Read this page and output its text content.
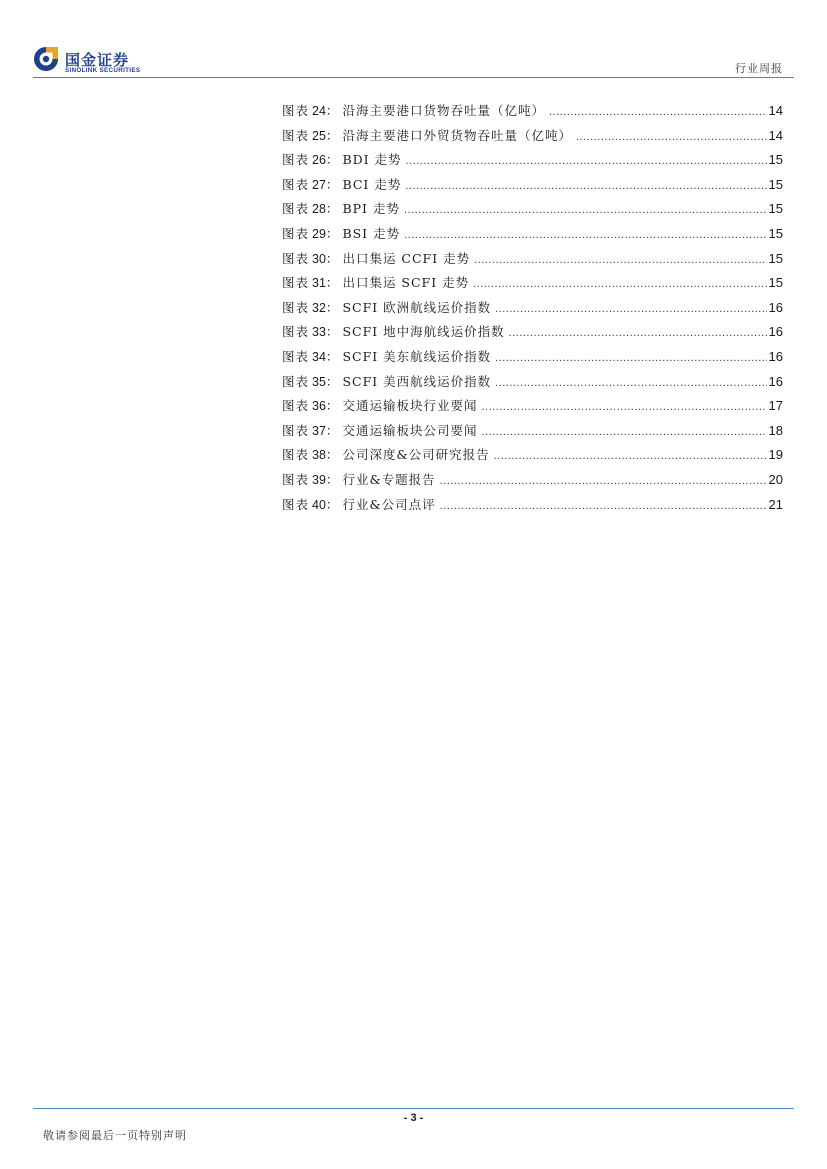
国金证券
SINOLINK SECURITIES	行业周报
图表 24 ： 沿海主要港口货物吞吐量（亿吨） .....	14
图表 25 ： 沿海主要港口外贸货物吞吐量（亿吨） .....	14
图表 26 ： BDI 走势 .....	15
图表 27 ： BCI 走势 .....	15
图表 28 ： BPI 走势 .....	15
图表 29 ： BSI 走势 .....	15
图表 30 ： 出口集运 CCFI 走势 .....	15
图表 31 ： 出口集运 SCFI 走势 .....	15
图表 32 ： SCFI 欧洲航线运价指数 .....	16
图表 33 ： SCFI 地中海航线运价指数 .....	16
图表 34 ： SCFI 美东航线运价指数 .....	16
图表 35 ： SCFI 美西航线运价指数 .....	16
图表 36 ： 交通运输板块行业要闻 .....	17
图表 37 ： 交通运输板块公司要闻 .....	18
图表 38 ： 公司深度&公司研究报告 .....	19
图表 39 ： 行业&专题报告 .....	20
图表 40 ： 行业&公司点评 .....	21
- 3 -
敬请参阅最后一页特别声明
